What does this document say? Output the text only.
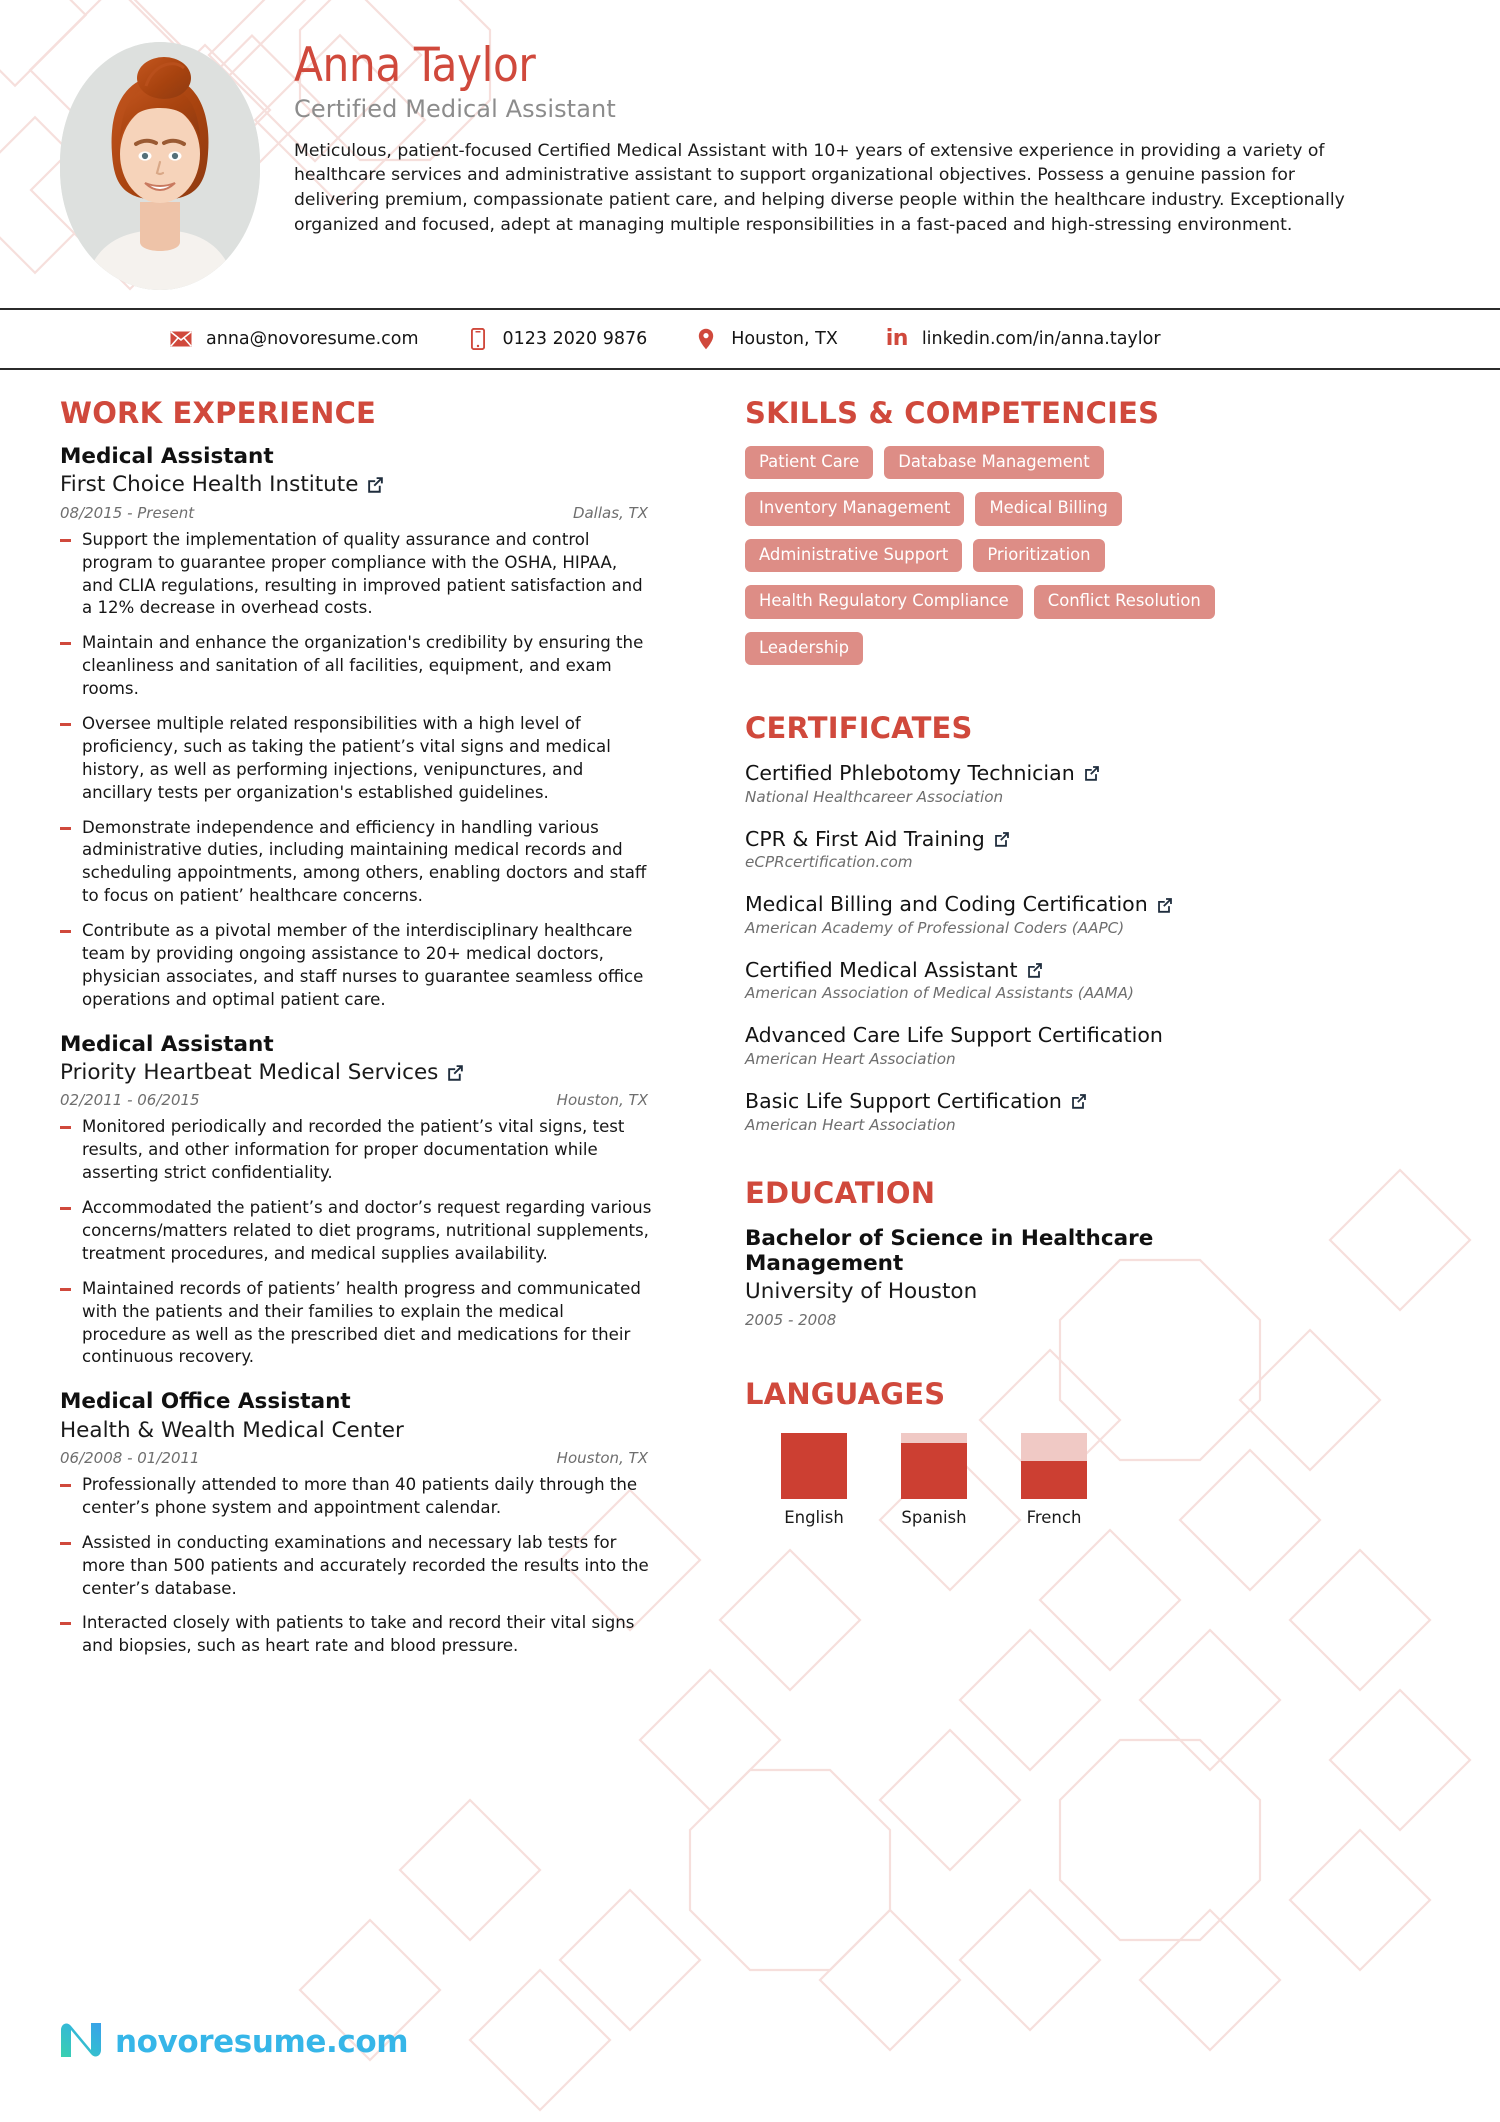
Anna Taylor
Certified Medical Assistant
Meticulous, patient-focused Certified Medical Assistant with 10+ years of extensive experience in providing a variety of healthcare services and administrative assistant to support organizational objectives. Possess a genuine passion for delivering premium, compassionate patient care, and helping diverse people within the healthcare industry. Exceptionally organized and focused, adept at managing multiple responsibilities in a fast-paced and high-stressing environment.
anna@novoresume.com	0123 2020 9876	Houston, TX in linkedin.com/in/anna.taylor
WORK EXPERIENCE
Medical Assistant
First Choice Health Institute
08/2015 - Present	Dallas, TX
Support the implementation of quality assurance and control program to guarantee proper compliance with the OSHA, HIPAA, and CLIA regulations, resulting in improved patient satisfaction and a 12% decrease in overhead costs.
Maintain and enhance the organization's credibility by ensuring the cleanliness and sanitation of all facilities, equipment, and exam rooms.
Oversee multiple related responsibilities with a high level of proficiency, such as taking the patient’s vital signs and medical history, as well as performing injections, venipunctures, and ancillary tests per organization's established guidelines.
Demonstrate independence and efficiency in handling various administrative duties, including maintaining medical records and scheduling appointments, among others, enabling doctors and staff to focus on patient’ healthcare concerns.
Contribute as a pivotal member of the interdisciplinary healthcare team by providing ongoing assistance to 20+ medical doctors, physician associates, and staff nurses to guarantee seamless office operations and optimal patient care.
Medical Assistant
Priority Heartbeat Medical Services
02/2011 - 06/2015	Houston, TX
Monitored periodically and recorded the patient’s vital signs, test results, and other information for proper documentation while asserting strict confidentiality.
Accommodated the patient’s and doctor’s request regarding various concerns/matters related to diet programs, nutritional supplements, treatment procedures, and medical supplies availability.
Maintained records of patients’ health progress and communicated with the patients and their families to explain the medical procedure as well as the prescribed diet and medications for their continuous recovery.
Medical Office Assistant
Health & Wealth Medical Center
06/2008 - 01/2011	Houston, TX
Professionally attended to more than 40 patients daily through the center’s phone system and appointment calendar.
Assisted in conducting examinations and necessary lab tests for more than 500 patients and accurately recorded the results into the center’s database.
Interacted closely with patients to take and record their vital signs and biopsies, such as heart rate and blood pressure.
SKILLS & COMPETENCIES
Patient Care	Database Management
Inventory Management	Medical Billing
Administrative Support	Prioritization
Health Regulatory Compliance	Conflict Resolution
Leadership
CERTIFICATES
Certified Phlebotomy Technician
National Healthcareer Association
CPR & First Aid Training
eCPRcertification.com
Medical Billing and Coding Certification
American Academy of Professional Coders (AAPC)
Certified Medical Assistant
American Association of Medical Assistants (AAMA)
Advanced Care Life Support Certification
American Heart Association
Basic Life Support Certification
American Heart Association
EDUCATION
Bachelor of Science in Healthcare Management
University of Houston
2005 - 2008
LANGUAGES
English	Spanish	French
novoresume.com
